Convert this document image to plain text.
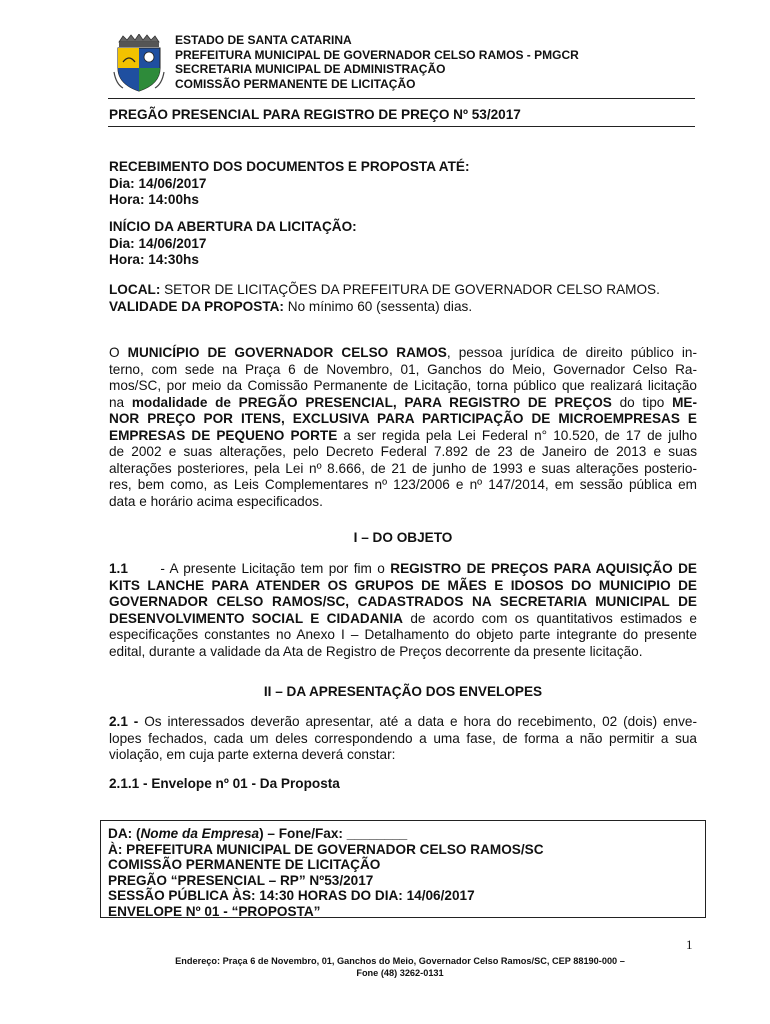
ESTADO DE SANTA CATARINA
PREFEITURA MUNICIPAL DE GOVERNADOR CELSO RAMOS - PMGCR
SECRETARIA MUNICIPAL DE ADMINISTRAÇÃO
COMISSÃO PERMANENTE DE LICITAÇÃO
PREGÃO PRESENCIAL PARA REGISTRO DE PREÇO Nº 53/2017
RECEBIMENTO DOS DOCUMENTOS E PROPOSTA ATÉ:
Dia: 14/06/2017
Hora: 14:00hs
INÍCIO DA ABERTURA DA LICITAÇÃO:
Dia: 14/06/2017
Hora: 14:30hs
LOCAL: SETOR DE LICITAÇÕES DA PREFEITURA DE GOVERNADOR CELSO RAMOS.
VALIDADE DA PROPOSTA: No mínimo 60 (sessenta) dias.
O MUNICÍPIO DE GOVERNADOR CELSO RAMOS, pessoa jurídica de direito público in-
terno, com sede na Praça 6 de Novembro, 01, Ganchos do Meio, Governador Celso Ra-
mos/SC, por meio da Comissão Permanente de Licitação, torna público que realizará licitação
na modalidade de PREGÃO PRESENCIAL, PARA REGISTRO DE PREÇOS do tipo ME-
NOR PREÇO POR ITENS, EXCLUSIVA PARA PARTICIPAÇÃO DE MICROEMPRESAS E
EMPRESAS DE PEQUENO PORTE a ser regida pela Lei Federal n° 10.520, de 17 de julho
de 2002 e suas alterações, pelo Decreto Federal 7.892 de 23 de Janeiro de 2013 e suas
alterações posteriores, pela Lei nº 8.666, de 21 de junho de 1993 e suas alterações posterio-
res, bem como, as Leis Complementares nº 123/2006 e nº 147/2014, em sessão pública em
data e horário acima especificados.
I – DO OBJETO
1.1      - A presente Licitação tem por fim o REGISTRO DE PREÇOS PARA AQUISIÇÃO DE
KITS LANCHE PARA ATENDER OS GRUPOS DE MÃES E IDOSOS DO MUNICIPIO DE
GOVERNADOR CELSO RAMOS/SC, CADASTRADOS NA SECRETARIA MUNICIPAL DE
DESENVOLVIMENTO SOCIAL E CIDADANIA de acordo com os quantitativos estimados e
especificações constantes no Anexo I – Detalhamento do objeto parte integrante do presente
edital, durante a validade da Ata de Registro de Preços decorrente da presente licitação.
II – DA APRESENTAÇÃO DOS ENVELOPES
2.1 - Os interessados deverão apresentar, até a data e hora do recebimento, 02 (dois) enve-
lopes fechados, cada um deles correspondendo a uma fase, de forma a não permitir a sua
violação, em cuja parte externa deverá constar:
2.1.1 - Envelope nº 01 - Da Proposta
DA: (Nome da Empresa) – Fone/Fax: ________
À: PREFEITURA MUNICIPAL DE GOVERNADOR CELSO RAMOS/SC
COMISSÃO PERMANENTE DE LICITAÇÃO
PREGÃO “PRESENCIAL – RP” Nº53/2017
SESSÃO PÚBLICA ÀS: 14:30 HORAS DO DIA: 14/06/2017
ENVELOPE Nº 01 - “PROPOSTA”
1
Endereço: Praça 6 de Novembro, 01, Ganchos do Meio, Governador Celso Ramos/SC, CEP 88190-000 –
Fone (48) 3262-0131
